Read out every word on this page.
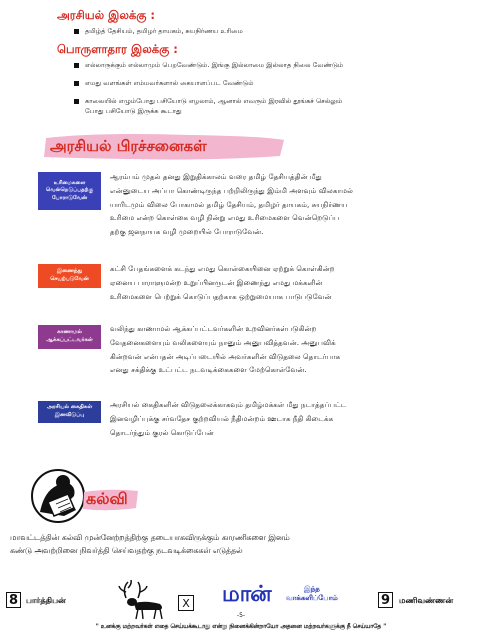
அரசியல் இலக்கு :
தமிழ்த் தேசியம், தமிழர் தாயகம், சுயநிர்ணய உரிமை
பொருளாதார இலக்கு :
எல்லாருக்கும் எல்லாமும் பெறவேண்டும். இங்கு இல்லாமை இல்லாத நிலை வேண்டும்
எமது வளங்கள் எம்மவர்களால் கையாளப்பட வேண்டும்
காலையில் எழும்போது பசியோடு எழலாம், ஆனால் எவரும் இரவில் தூங்கச் செல்லும்
போது பசியோடு இருக்க கூடாது
அரசியல் பிரச்சனைகள்
உரிமைகளை
வென்றெடுப்பதற்கு
போராடுவேன்
ஆரம்பம் முதல் தனது இறுதிக்காலம் வரை தமிழ் தேசியத்தின் மீது
என்னுடைய அப்பா கொண்டிருந்த பற்றிலிருந்து இம்மி அளவும் விலகாமல்
யாரிடமும் விலை போகாமல் தமிழ் தேசியம், தமிழர் தாயகம், சுயநிர்ணய
உரிமை என்ற கொள்கை வழி நின்று எமது உரிமைகளை வென்றெடுப்ப
தற்கு ஜனநாயக வழி முறையில் போராடுவேன்.
இணைந்து
செயற்படுவேன்
கட்சி பேதங்களைக் கடந்து எமது கொள்கையினை ஏற்றுக் கொள்கின்ற
ஏனைய பாராளுமன்ற உறுப்பினருடன் இணைந்து எமது மக்களின்
உரிமைகளை பெற்றுக் கொடுப்பதற்காக ஒற்றுமையாக பாடுபடுவேன்
காணாமல்
ஆக்கப்பட்டவர்கள்
வலிந்து காணாமல் ஆக்கப்பட்டவர்களின் உறவினர்கள்படுகின்ற
வேதனைகளையும் வலிகளையும் நானும் அனுபவித்தவன். அனுபவிக்
கின்றவன் என்பதன் அடிப்படையில் அவர்களின் விடுதலை தொடர்பாக
எனது சக்திக்கு உட்பட்ட நடவடிக்கைகளை மேற்கொள்வேன்.
அரசியல் கைதிகள்
இனவிடுப்பு
அரசியல் கைதிகளின் விடுதலைக்காகவும் தமிழ்மக்கள் மீது நடாத்தப்பட்ட
இனவழிப்புக்கு சர்வதேச குற்றவியல் நீதிமன்றம் ஊடாக நீதி கிடைக்க
தொடர்ந்தும் குரல் கொடுப்பேன்
கல்வி
மாவட்டத்தின் கல்வி முன்னேற்றத்திற்கு தடையாகவிருக்கும் காரணிகளை இனம்
கண்டு அவற்றினை நிவர்த்தி செய்வதற்கு நடவடிக்கைகள் எடுத்தல்
8 பார்த்திபன்	X மான்	இந்த
வாக்களிப்போம்	9	மணிவண்ணன்
-5-
" உனக்கு மற்றவர்கள் எதை செய்யக்கூடாது என்று நினைக்கின்றாயோ அதனை மற்றவர்களுக்கு நீ செய்யாதே "
